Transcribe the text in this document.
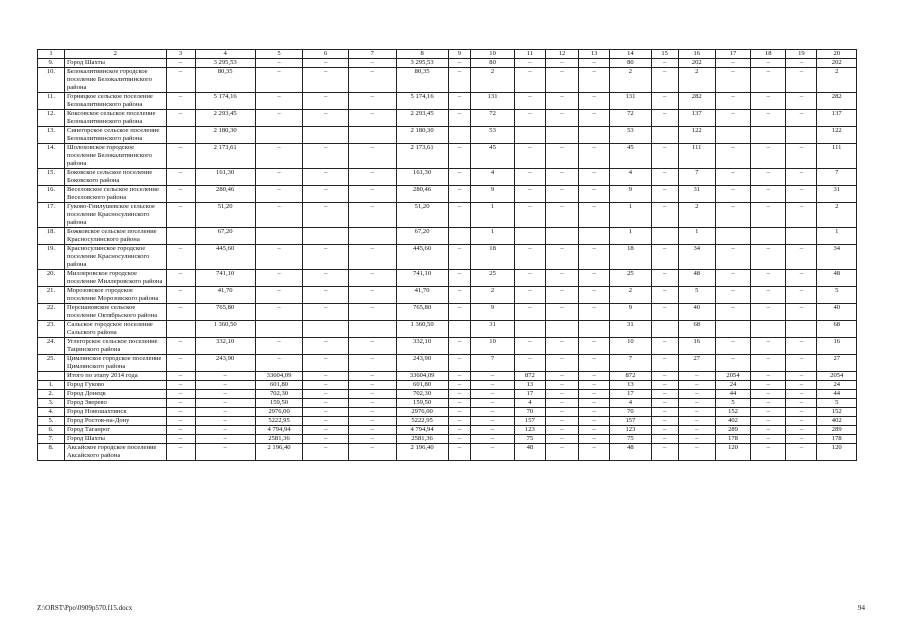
1	2	3	4	5	6	7	8	9	10	11	12	13	14	15	16	17	18	19	20
9.	Город Шахты	–	3 295,53	–	–	–	3 295,53	–	80	–	–	–	80	–	202	–	–	–	202
10.	Белокалитвинское городское поселение Белокалитвинского района	–	80,35	–	–	–	80,35	–	2	–	–	–	2	–	2	–	–	–	2
11.	Горняцкое сельское поселение Белокалитвинского района	–	5 174,16	–	–	–	5 174,16	–	131	–	–	–	131	–	282	–	–	–	282
12.	Коксовское сельское поселение Белокалитвинского района	–	2 293,45	–	–	–	2 293,45	–	72	–	–	–	72	–	137	–	–	–	137
13.	Синегорское сельское поселение Белокалитвинского района		2 180,30				2 180,30		53				53		122				122
14.	Шолоховское городское поселение Белокалитвинского района	–	2 173,61	–	–	–	2 173,61	–	45	–	–	–	45	–	111	–	–	–	111
15.	Боковское сельское поселение Боковского района	–	161,30	–	–	–	161,30	–	4	–	–	–	4	–	7	–	–	–	7
16.	Веселовское сельское поселение Веселовского района	–	280,46	–	–	–	280,46	–	9	–	–	–	9	–	31	–	–	–	31
17.	Гуково-Гнилушевское сельское поселение Красносулинского района	–	51,20	–	–	–	51,20	–	1	–	–	–	1	–	2	–	–	–	2
18.	Божковское сельское поселение Красносулинского района		67,20				67,20		1				1		1				1
19.	Красносулинское городское поселение Красносулинского района	–	445,60	–	–	–	445,60	–	18	–	–	–	18	–	34	–	–	–	34
20.	Миллеровское городское поселение Миллеровского района	–	741,10	–	–	–	741,10	–	25	–	–	–	25	–	48	–	–	–	48
21.	Морозовское городское поселение Морозовского района	–	41,70	–	–	–	41,70	–	2	–	–	–	2	–	5	–	–	–	5
22.	Персиановское сельское поселение Октябрьского района	–	765,80	–	–	–	765,80	–	9	–	–	–	9	–	40	–	–	–	40
23.	Сальское городское поселение Сальского района		1 360,50				1 360,50		31				31		68				68
24.	Углегорское сельское поселение Тацинского района	–	332,10	–	–	–	332,10	–	10	–	–	–	10	–	16	–	–	–	16
25.	Цимлянское городское поселение Цимлянского района	–	243,90	–	–	–	243,90	–	7	–	–	–	7	–	27	–	–	–	27
	Итого по этапу 2014 года	–	–	33604,09	–	–	33604,09	–	–	872	–	–	872	–	–	2054	–	–	2054
1.	Город Гуково	–	–	601,80	–	–	601,80	–	–	13	–	–	13	–	–	24	–	–	24
2.	Город Донецк	–	–	702,30	–	–	702,30	–	–	17	–	–	17	–	–	44	–	–	44
3.	Город Зверево	–	–	159,50	–	–	159,50	–	–	4	–	–	4	–	–	5	–	–	5
4.	Город Новошахтинск	–	–	2976,00	–	–	2976,00	–	–	70	–	–	70	–	–	152	–	–	152
5.	Город Ростов-на-Дону	–	–	5222,95	–	–	5222,95	–	–	157	–	–	157	–	–	402	–	–	402
6.	Город Таганрог	–	–	4 794,94	–	–	4 794,94	–	–	123	–	–	123	–	–	289	–	–	289
7.	Город Шахты	–	–	2581,36	–	–	2581,36	–	–	75	–	–	75	–	–	178	–	–	178
8.	Аксайское городское поселение Аксайского района	–	–	2 196,40	–	–	2 196,40	–	–	48	–	–	48	–	–	120	–	–	120
Z:\ORST\Ppo\0909p570.f15.docx	94
